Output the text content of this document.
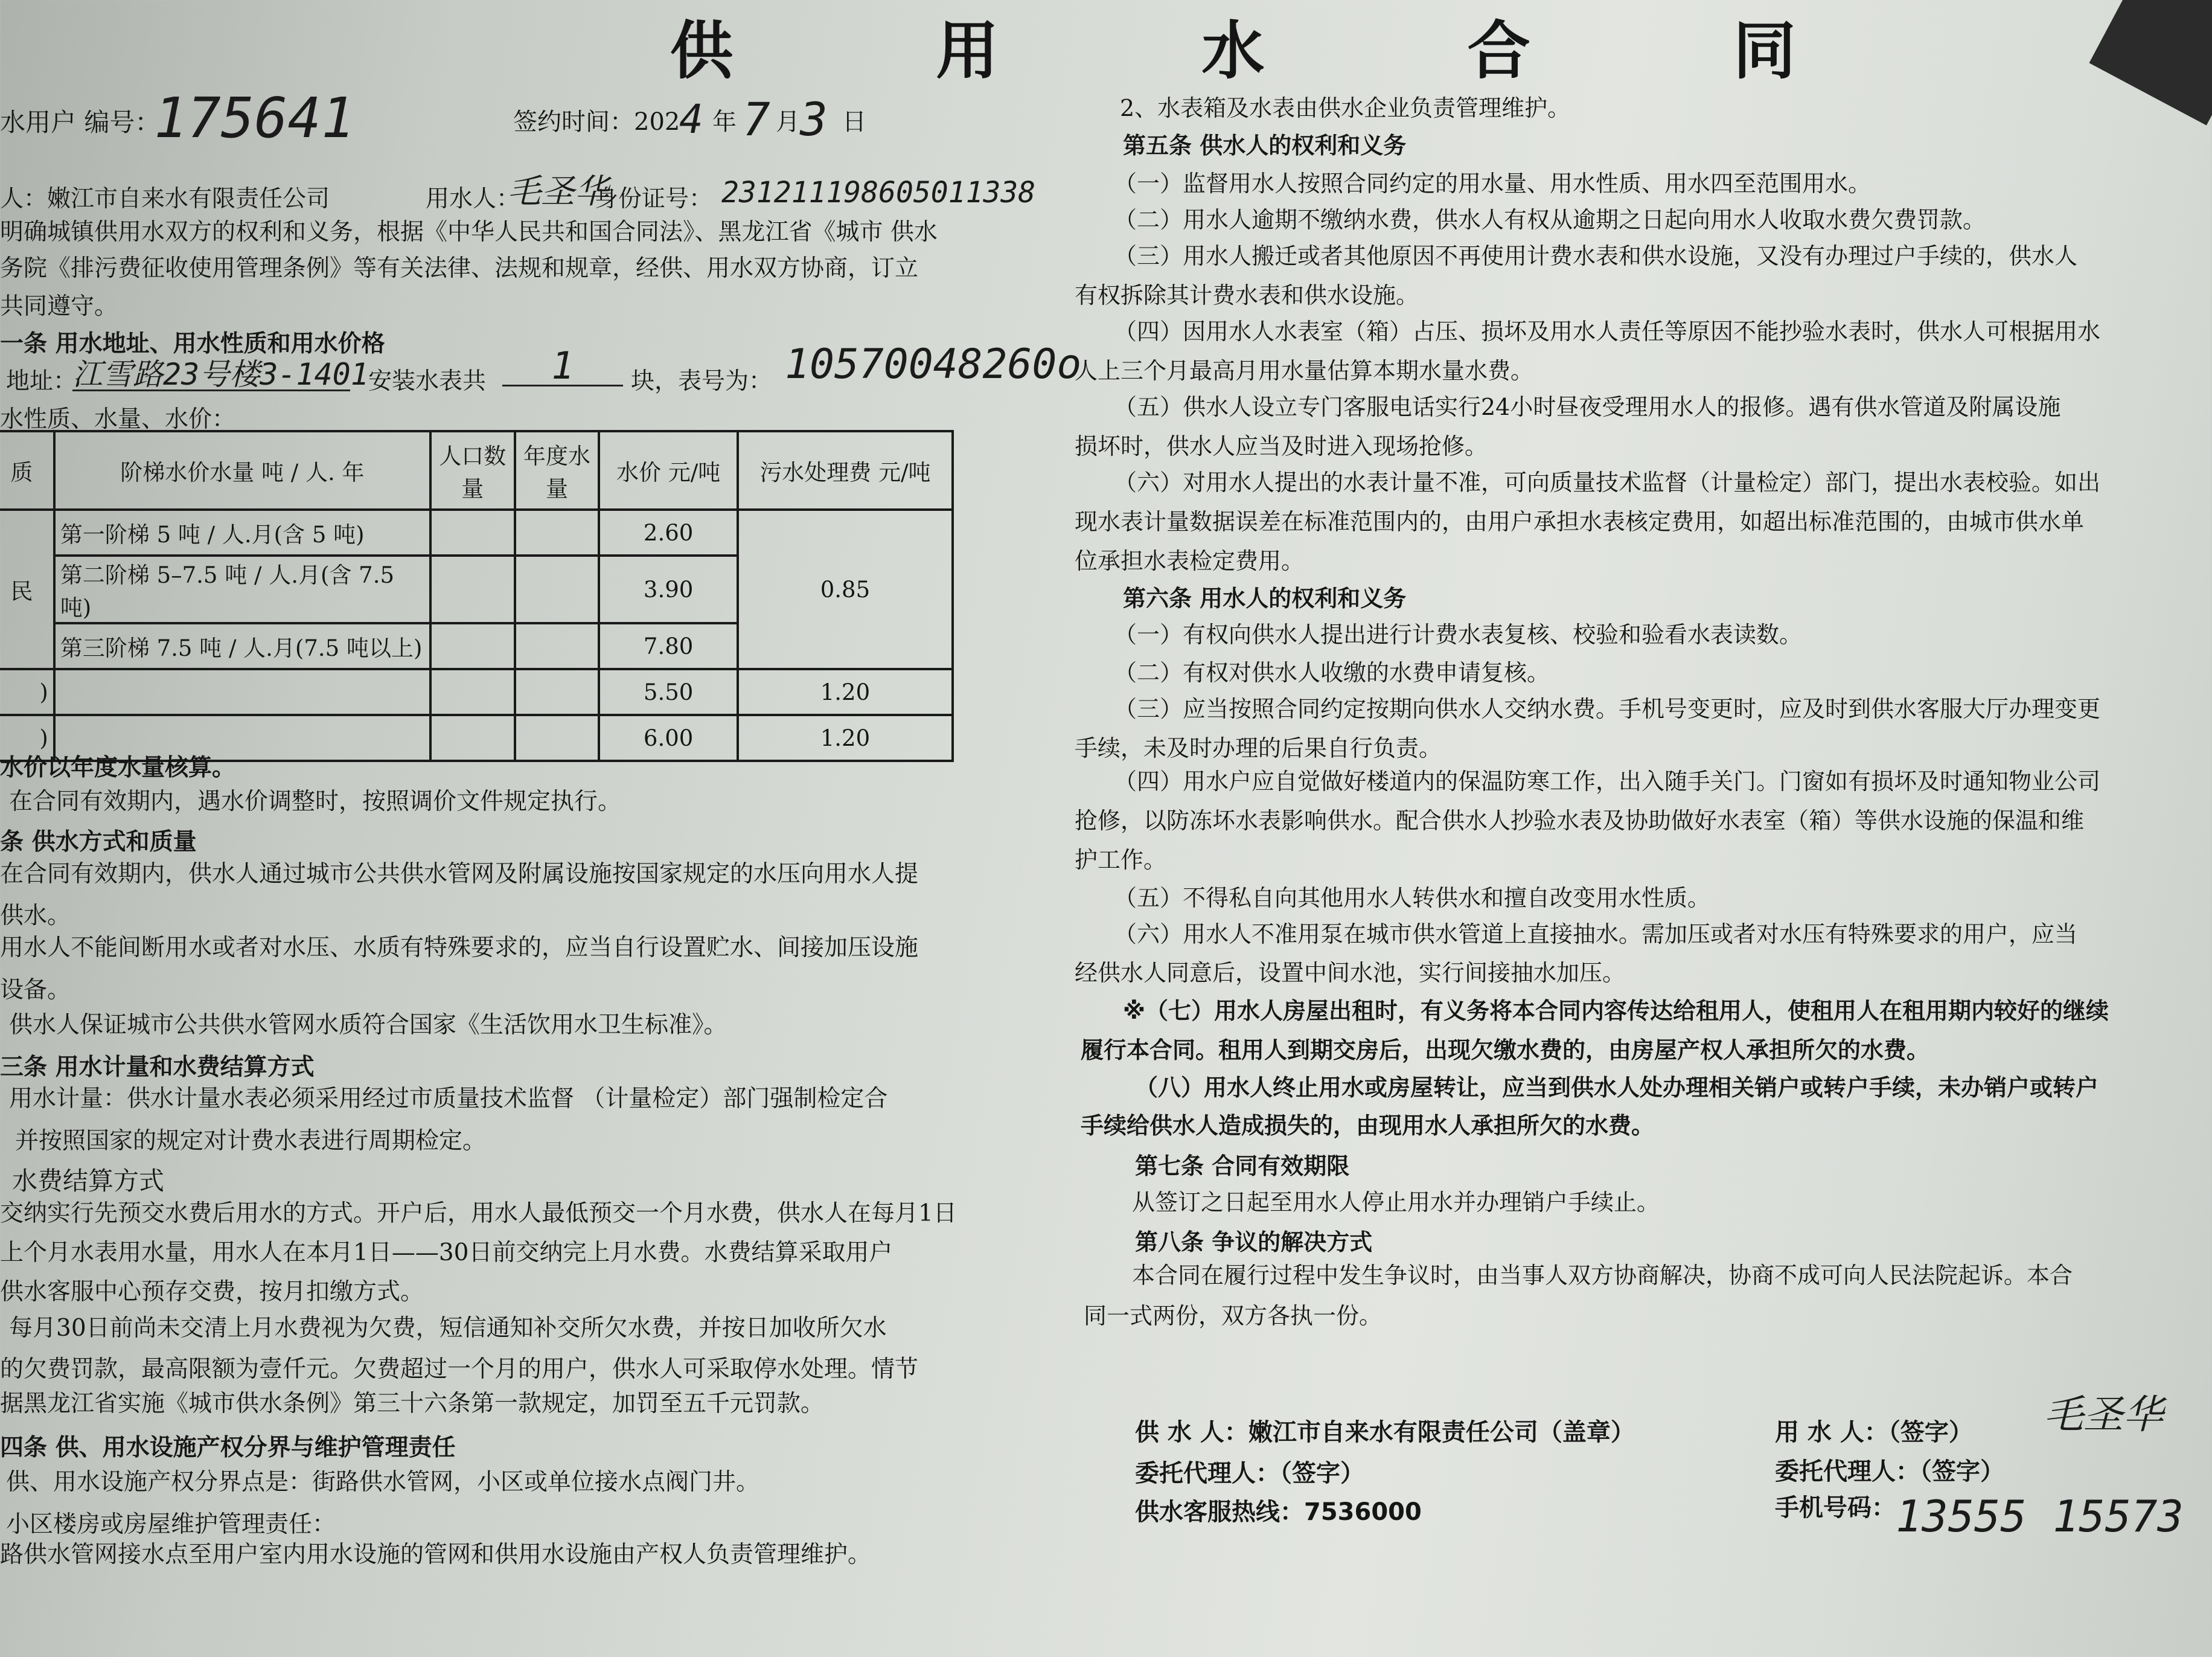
供 用 水 合 同
水用户 编号：
175641	签约时间：202
4 年 7 月 3 日
人：嫩江市自来水有限责任公司	用水人：
毛圣华
身份证号： 231211198605011338
明确城镇供用水双方的权利和义务，根据《中华人民共和国合同法》、黑龙江省《城市 供水
务院《排污费征收使用管理条例》等有关法律、法规和规章，经供、用水双方协商，订立
共同遵守。
一条 用水地址、用水性质和用水价格
地址：
江雪路23号楼3-1401 安装水表共	1	块，表号为： 10570048260o
水性质、水量、水价：
质	阶梯水价水量 吨 / 人. 年	人口数量	年度水量	水价 元/吨	污水处理费 元/吨
民	第一阶梯 5 吨 / 人.月(含 5 吨)			2.60	0.85
	第二阶梯 5–7.5 吨 / 人.月(含 7.5 吨)			3.90	
	第三阶梯 7.5 吨 / 人.月(7.5 吨以上)			7.80	
)				5.50	1.20
)				6.00	1.20
水价以年度水量核算。
在合同有效期内，遇水价调整时，按照调价文件规定执行。
条 供水方式和质量
在合同有效期内，供水人通过城市公共供水管网及附属设施按国家规定的水压向用水人提
供水。
用水人不能间断用水或者对水压、水质有特殊要求的，应当自行设置贮水、间接加压设施
设备。
供水人保证城市公共供水管网水质符合国家《生活饮用水卫生标准》。
三条 用水计量和水费结算方式
用水计量：供水计量水表必须采用经过市质量技术监督 （计量检定）部门强制检定合
并按照国家的规定对计费水表进行周期检定。
水费结算方式
交纳实行先预交水费后用水的方式。开户后，用水人最低预交一个月水费，供水人在每月1日
上个月水表用水量，用水人在本月1日——30日前交纳完上月水费。水费结算采取用户
供水客服中心预存交费，按月扣缴方式。
每月30日前尚未交清上月水费视为欠费，短信通知补交所欠水费，并按日加收所欠水
的欠费罚款，最高限额为壹仟元。欠费超过一个月的用户，供水人可采取停水处理。情节
据黑龙江省实施《城市供水条例》第三十六条第一款规定，加罚至五千元罚款。
四条 供、用水设施产权分界与维护管理责任
供、用水设施产权分界点是：街路供水管网，小区或单位接水点阀门井。
小区楼房或房屋维护管理责任：
路供水管网接水点至用户室内用水设施的管网和供用水设施由产权人负责管理维护。
2、水表箱及水表由供水企业负责管理维护。
第五条 供水人的权利和义务
（一）监督用水人按照合同约定的用水量、用水性质、用水四至范围用水。
（二）用水人逾期不缴纳水费，供水人有权从逾期之日起向用水人收取水费欠费罚款。
（三）用水人搬迁或者其他原因不再使用计费水表和供水设施，又没有办理过户手续的，供水人
有权拆除其计费水表和供水设施。
（四）因用水人水表室（箱）占压、损坏及用水人责任等原因不能抄验水表时，供水人可根据用水
人上三个月最高月用水量估算本期水量水费。
（五）供水人设立专门客服电话实行24小时昼夜受理用水人的报修。遇有供水管道及附属设施
损坏时，供水人应当及时进入现场抢修。
（六）对用水人提出的水表计量不准，可向质量技术监督（计量检定）部门，提出水表校验。如出
现水表计量数据误差在标准范围内的，由用户承担水表核定费用，如超出标准范围的，由城市供水单
位承担水表检定费用。
第六条 用水人的权利和义务
（一）有权向供水人提出进行计费水表复核、校验和验看水表读数。
（二）有权对供水人收缴的水费申请复核。
（三）应当按照合同约定按期向供水人交纳水费。手机号变更时，应及时到供水客服大厅办理变更
手续，未及时办理的后果自行负责。
（四）用水户应自觉做好楼道内的保温防寒工作，出入随手关门。门窗如有损坏及时通知物业公司
抢修，以防冻坏水表影响供水。配合供水人抄验水表及协助做好水表室（箱）等供水设施的保温和维
护工作。
（五）不得私自向其他用水人转供水和擅自改变用水性质。
（六）用水人不准用泵在城市供水管道上直接抽水。需加压或者对水压有特殊要求的用户，应当
经供水人同意后，设置中间水池，实行间接抽水加压。
※（七）用水人房屋出租时，有义务将本合同内容传达给租用人，使租用人在租用期内较好的继续
履行本合同。租用人到期交房后，出现欠缴水费的，由房屋产权人承担所欠的水费。
（八）用水人终止用水或房屋转让，应当到供水人处办理相关销户或转户手续，未办销户或转户
手续给供水人造成损失的，由现用水人承担所欠的水费。
第七条 合同有效期限
从签订之日起至用水人停止用水并办理销户手续止。
第八条 争议的解决方式
本合同在履行过程中发生争议时，由当事人双方协商解决，协商不成可向人民法院起诉。本合
同一式两份，双方各执一份。
供 水 人：嫩江市自来水有限责任公司（盖章）
委托代理人：（签字）
供水客服热线：7536000
用 水 人：（签字） 毛圣华
委托代理人：（签字）
手机号码： 13555 15573
